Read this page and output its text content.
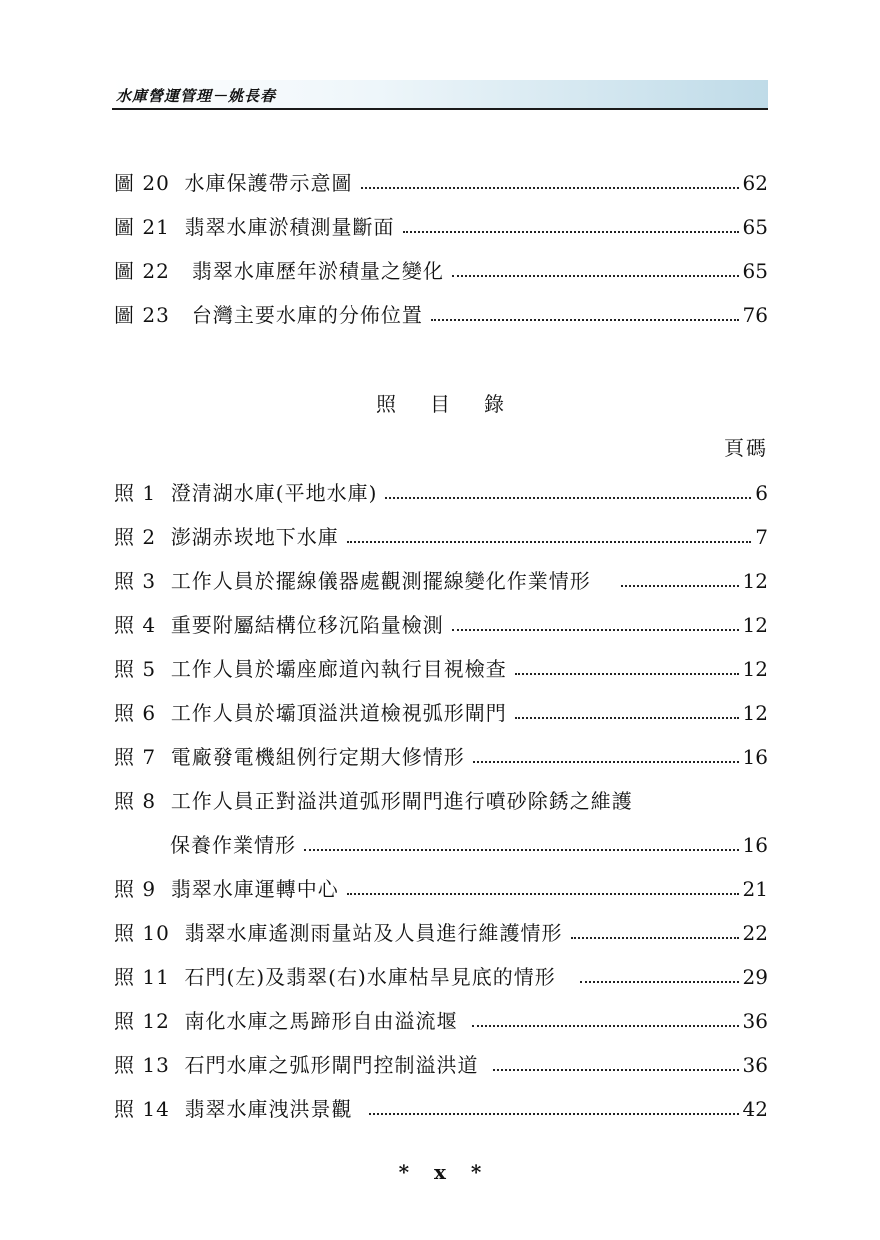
水庫營運管理－姚長春
圖 20 水庫保護帶示意圖	62
圖 21 翡翠水庫淤積測量斷面	65
圖 22 翡翠水庫歷年淤積量之變化	65
圖 23 台灣主要水庫的分佈位置	76
照目錄
頁碼
照 1 澄清湖水庫(平地水庫)	6
照 2 澎湖赤崁地下水庫	7
照 3 工作人員於擺線儀器處觀測擺線變化作業情形	12
照 4 重要附屬結構位移沉陷量檢測	12
照 5 工作人員於壩座廊道內執行目視檢查	12
照 6 工作人員於壩頂溢洪道檢視弧形閘門	12
照 7 電廠發電機組例行定期大修情形	16
照 8 工作人員正對溢洪道弧形閘門進行噴砂除銹之維護
保養作業情形	16
照 9 翡翠水庫運轉中心	21
照 10 翡翠水庫遙測雨量站及人員進行維護情形	22
照 11 石門(左)及翡翠(右)水庫枯旱見底的情形	29
照 12 南化水庫之馬蹄形自由溢流堰	36
照 13 石門水庫之弧形閘門控制溢洪道	36
照 14 翡翠水庫洩洪景觀	42
* x *
